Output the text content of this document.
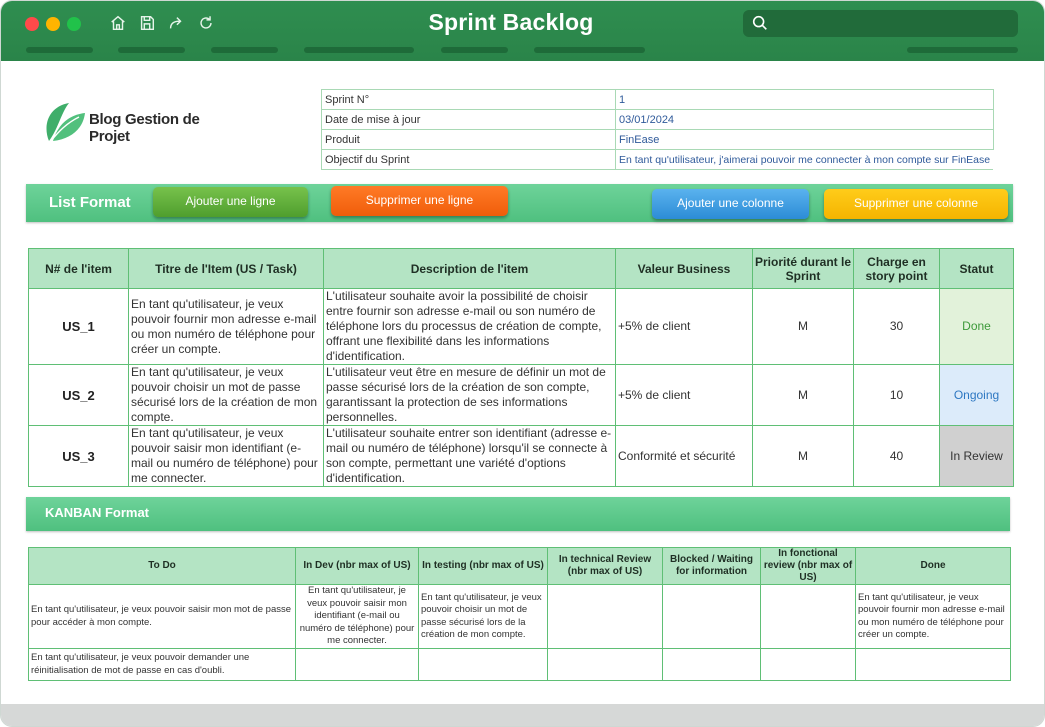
Sprint Backlog
Blog Gestion de Projet
Sprint N°	1
Date de mise à jour	03/01/2024
Produit	FinEase
Objectif du Sprint	En tant qu'utilisateur, j'aimerai pouvoir me connecter à mon compte sur FinEase
List Format	Ajouter une ligne	Supprimer une ligne	Ajouter une colonne	Supprimer une colonne
N# de l'item	Titre de l'Item (US / Task)	Description de l'item	Valeur Business	Priorité durant le Sprint	Charge en story point	Statut
US_1	En tant qu'utilisateur, je veux pouvoir fournir mon adresse e-mail ou mon numéro de téléphone pour créer un compte.	L'utilisateur souhaite avoir la possibilité de choisir entre fournir son adresse e-mail ou son numéro de téléphone lors du processus de création de compte, offrant une flexibilité dans les informations d'identification.	+5% de client	M	30	Done
US_2	En tant qu'utilisateur, je veux pouvoir choisir un mot de passe sécurisé lors de la création de mon compte.	L'utilisateur veut être en mesure de définir un mot de passe sécurisé lors de la création de son compte, garantissant la protection de ses informations personnelles.	+5% de client	M	10	Ongoing
US_3	En tant qu'utilisateur, je veux pouvoir saisir mon identifiant (e-mail ou numéro de téléphone) pour me connecter.	L'utilisateur souhaite entrer son identifiant (adresse e-mail ou numéro de téléphone) lorsqu'il se connecte à son compte, permettant une variété d'options d'identification.	Conformité et sécurité	M	40	In Review
KANBAN Format
To Do	In Dev (nbr max of US)	In testing (nbr max of US)	In technical Review (nbr max of US)	Blocked / Waiting for information	In fonctional review (nbr max of US)	Done
En tant qu'utilisateur, je veux pouvoir saisir mon mot de passe pour accéder à mon compte.	En tant qu'utilisateur, je veux pouvoir saisir mon identifiant (e-mail ou numéro de téléphone) pour me connecter.	En tant qu'utilisateur, je veux pouvoir choisir un mot de passe sécurisé lors de la création de mon compte.				En tant qu'utilisateur, je veux pouvoir fournir mon adresse e-mail ou mon numéro de téléphone pour créer un compte.
En tant qu'utilisateur, je veux pouvoir demander une réinitialisation de mot de passe en cas d'oubli.						
